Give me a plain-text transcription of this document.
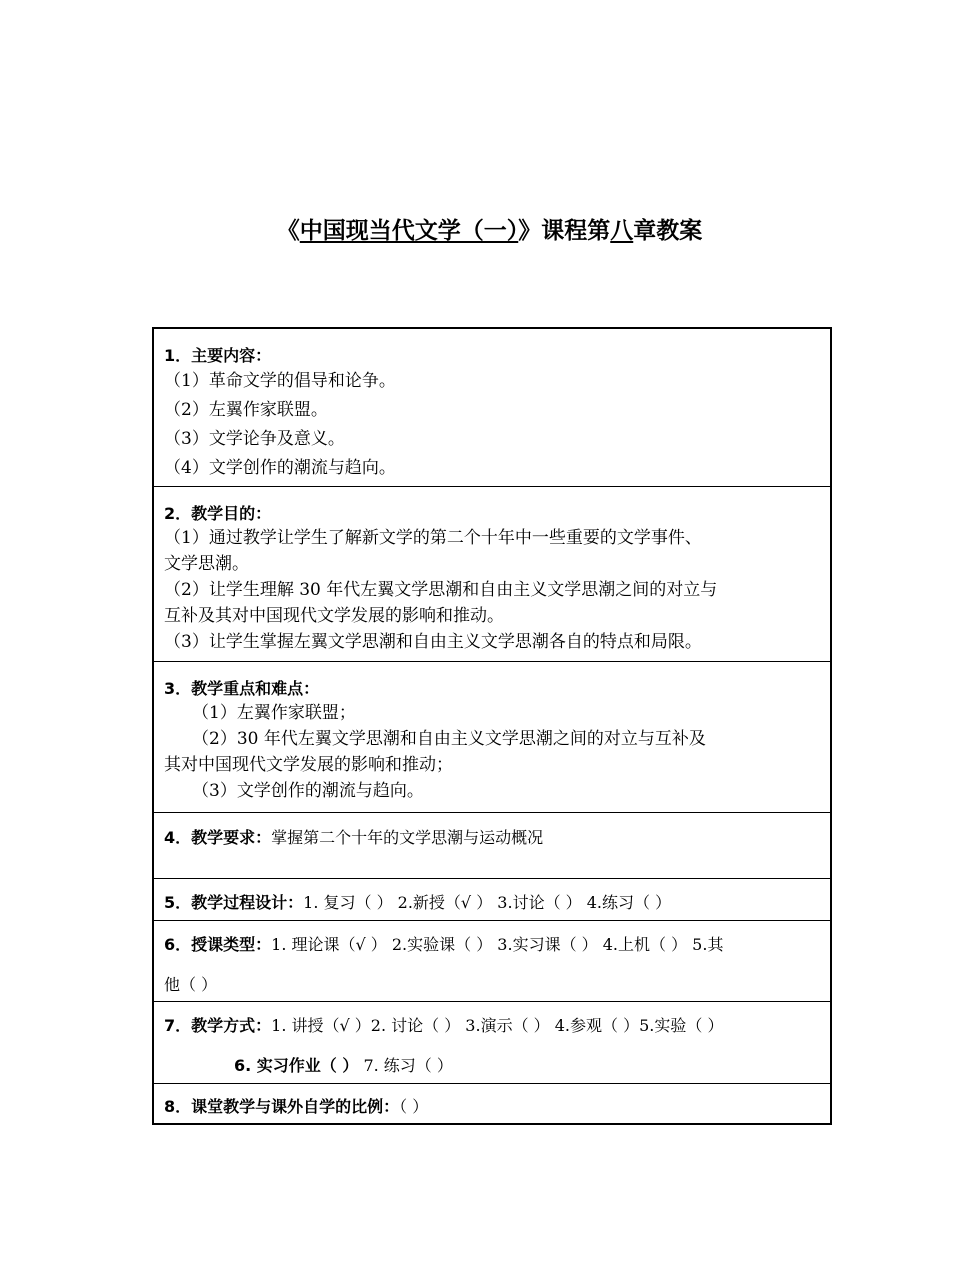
《中国现当代文学（一）》课程第八章教案
1．主要内容：
（1）革命文学的倡导和论争。
（2）左翼作家联盟。
（3）文学论争及意义。
（4）文学创作的潮流与趋向。
2．教学目的：
（1）通过教学让学生了解新文学的第二个十年中一些重要的文学事件、
文学思潮。
（2）让学生理解 30 年代左翼文学思潮和自由主义文学思潮之间的对立与
互补及其对中国现代文学发展的影响和推动。
（3）让学生掌握左翼文学思潮和自由主义文学思潮各自的特点和局限。
3．教学重点和难点：
（1）左翼作家联盟；
（2）30 年代左翼文学思潮和自由主义文学思潮之间的对立与互补及
其对中国现代文学发展的影响和推动；
（3）文学创作的潮流与趋向。
4．教学要求：掌握第二个十年的文学思潮与运动概况
5．教学过程设计：1. 复习（ ） 2.新授（√ ） 3.讨论（ ） 4.练习（ ）
6．授课类型：1. 理论课（√ ） 2.实验课（ ） 3.实习课（ ） 4.上机（ ） 5.其
他（ ）
7．教学方式：1. 讲授（√ ）2. 讨论（ ） 3.演示（ ） 4.参观（ ）5.实验（ ）
6. 实习作业（ ） 7. 练习（ ）
8．课堂教学与课外自学的比例：（ ）
